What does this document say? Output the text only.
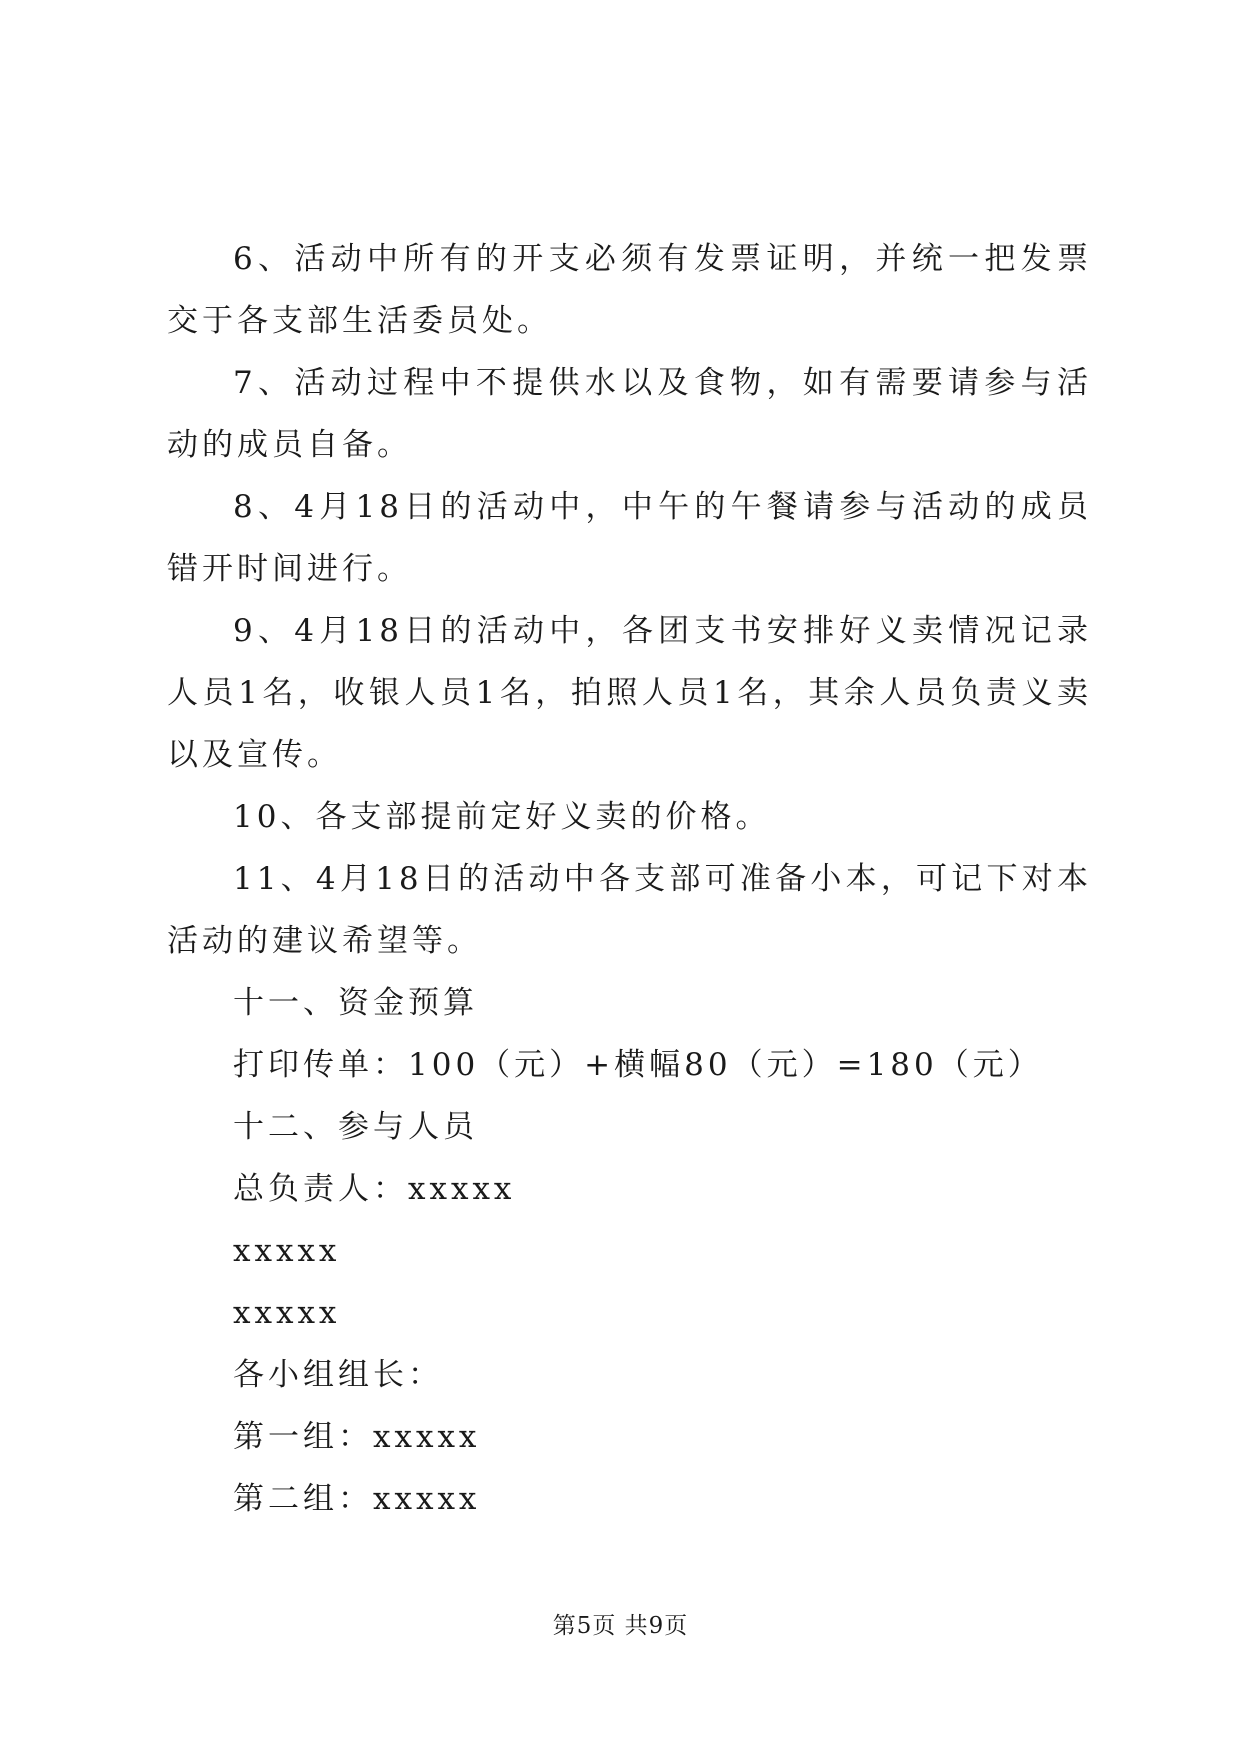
6、活动中所有的开支必须有发票证明，并统一把发票交于各支部生活委员处。

7、活动过程中不提供水以及食物，如有需要请参与活动的成员自备。

8、4月18日的活动中，中午的午餐请参与活动的成员错开时间进行。

9、4月18日的活动中，各团支书安排好义卖情况记录人员1名，收银人员1名，拍照人员1名，其余人员负责义卖以及宣传。

10、各支部提前定好义卖的价格。

11、4月18日的活动中各支部可准备小本，可记下对本活动的建议希望等。

十一、资金预算

打印传单：100（元）+横幅80（元）=180（元）

十二、参与人员

总负责人：xxxxx

xxxxx

xxxxx

各小组组长：

第一组：xxxxx

第二组：xxxxx

第5页 共9页
